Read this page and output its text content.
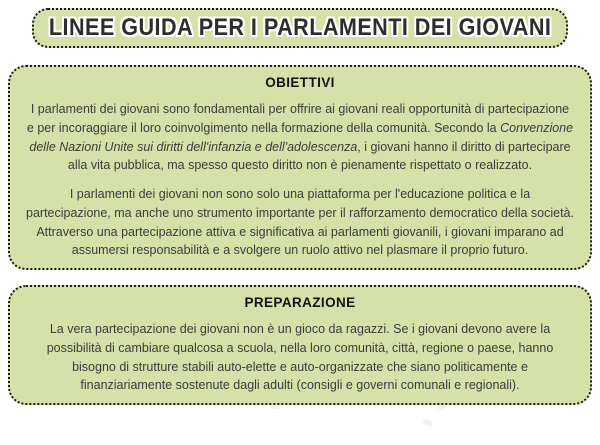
LINEE GUIDA PER I PARLAMENTI DEI GIOVANI
OBIETTIVI

I parlamenti dei giovani sono fondamentali per offrire ai giovani reali opportunità di partecipazione e per incoraggiare il loro coinvolgimento nella formazione della comunità. Secondo la Convenzione delle Nazioni Unite sui diritti dell'infanzia e dell'adolescenza, i giovani hanno il diritto di partecipare alla vita pubblica, ma spesso questo diritto non è pienamente rispettato o realizzato.

I parlamenti dei giovani non sono solo una piattaforma per l'educazione politica e la partecipazione, ma anche uno strumento importante per il rafforzamento democratico della società. Attraverso una partecipazione attiva e significativa ai parlamenti giovanili, i giovani imparano ad assumersi responsabilità e a svolgere un ruolo attivo nel plasmare il proprio futuro.

PREPARAZIONE

La vera partecipazione dei giovani non è un gioco da ragazzi. Se i giovani devono avere la possibilità di cambiare qualcosa a scuola, nella loro comunità, città, regione o paese, hanno bisogno di strutture stabili auto-elette e auto-organizzate che siano politicamente e finanziariamente sostenute dagli adulti (consigli e governi comunali e regionali).
